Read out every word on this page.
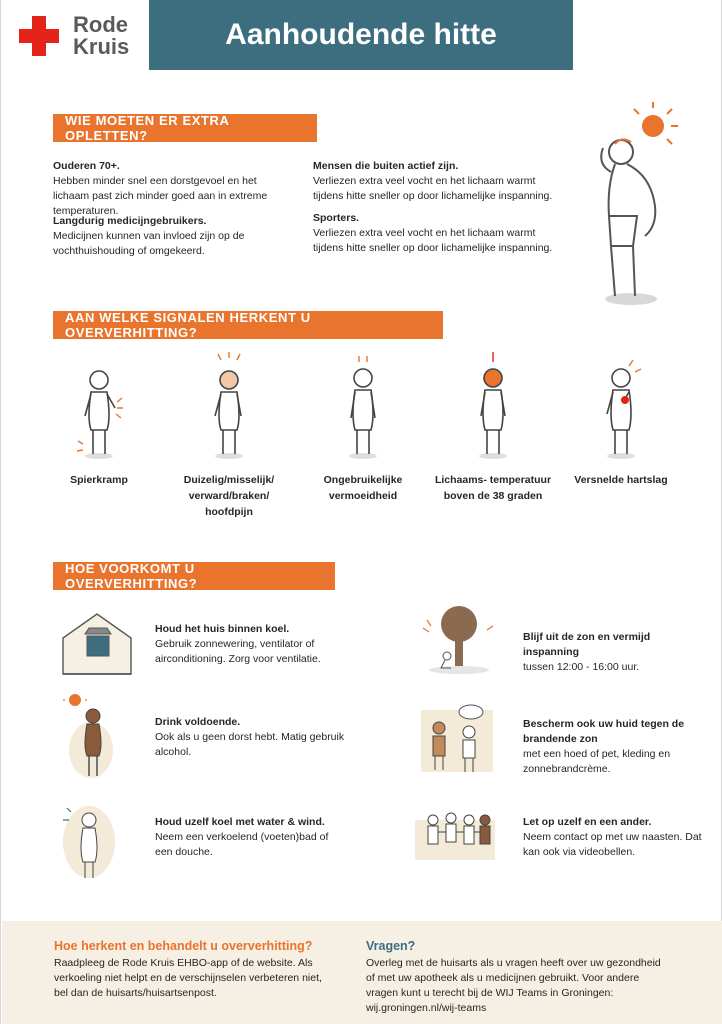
Rode
Kruis	Aanhoudende hitte
WIE MOETEN ER EXTRA OPLETTEN?
Ouderen 70+.
Hebben minder snel een dorstgevoel en het lichaam past zich minder goed aan in extreme temperaturen.
Langdurig medicijngebruikers.
Medicijnen kunnen van invloed zijn op de vochthuishouding of omgekeerd.
Mensen die buiten actief zijn.
Verliezen extra veel vocht en het lichaam warmt tijdens hitte sneller op door lichamelijke inspanning.
Sporters.
Verliezen extra veel vocht en het lichaam warmt tijdens hitte sneller op door lichamelijke inspanning.
AAN WELKE SIGNALEN HERKENT U OVERVERHITTING?
Spierkramp	Duizelig/misselijk/ verward/braken/ hoofdpijn
Ongebruikelijke vermoeidheid
Lichaams- temperatuur boven de 38 graden
Versnelde hartslag
HOE VOORKOMT U OVERVERHITTING?
Houd het huis binnen koel.
Gebruik zonnewering, ventilator of airconditioning. Zorg voor ventilatie.
Blijf uit de zon en vermijd inspanning
tussen 12:00 - 16:00 uur.
Drink voldoende.
Ook als u geen dorst hebt. Matig gebruik alcohol.
Bescherm ook uw huid tegen de brandende zon
met een hoed of pet, kleding en zonnebrandcrème.
Houd uzelf koel met water & wind.
Neem een verkoelend (voeten)bad of een douche.
Let op uzelf en een ander.
Neem contact op met uw naasten. Dat kan ook via videobellen.
Hoe herkent en behandelt u oververhitting?
Raadpleeg de Rode Kruis EHBO-app of de website. Als verkoeling niet helpt en de verschijnselen verbeteren niet, bel dan de huisarts/huisartsenpost.
Vragen?
Overleg met de huisarts als u vragen heeft over uw gezondheid of met uw apotheek als u medicijnen gebruikt. Voor andere vragen kunt u terecht bij de WIJ Teams in Groningen: wij.groningen.nl/wij-teams
